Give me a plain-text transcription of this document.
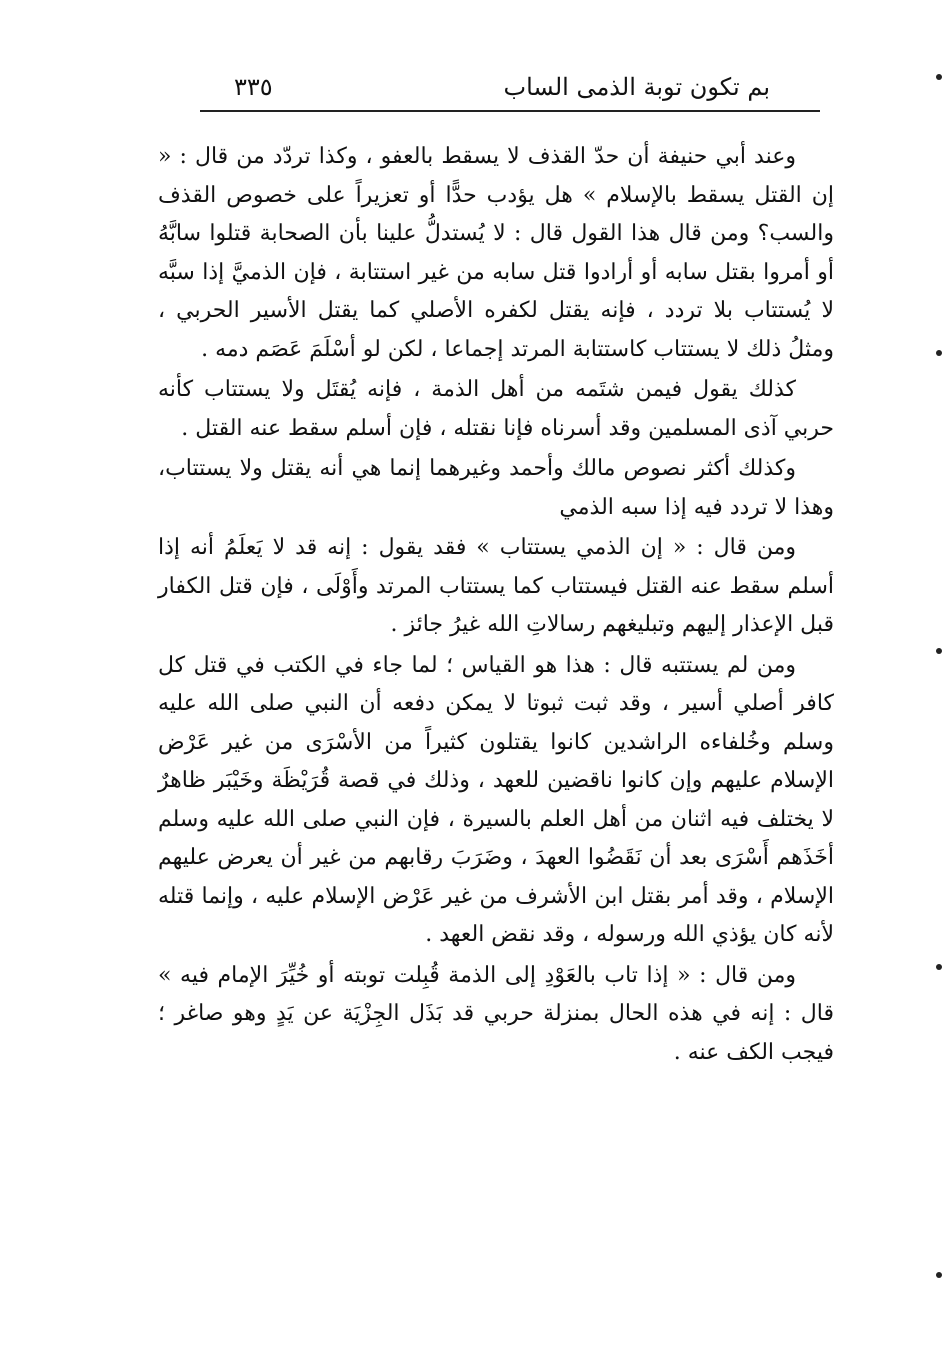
بم تكون توبة الذمى الساب
٣٣٥

وعند أبي حنيفة أن حدّ القذف لا يسقط بالعفو ، وكذا تردّد من قال : « إن القتل يسقط بالإسلام » هل يؤدب حدًّا أو تعزيراً على خصوص القذف والسب؟ ومن قال هذا القول قال : لا يُستدلُّ علينا بأن الصحابة قتلوا سابَّهُ أو أمروا بقتل سابه أو أرادوا قتل سابه من غير استتابة ، فإن الذميَّ إذا سبَّه لا يُستتاب بلا تردد ، فإنه يقتل لكفره الأصلي كما يقتل الأسير الحربي ، ومثلُ ذلك لا يستتاب كاستتابة المرتد إجماعا ، لكن لو أسْلَمَ عَصَم دمه .

كذلك يقول فيمن شتَمه من أهل الذمة ، فإنه يُقتَل ولا يستتاب كأنه حربي آذى المسلمين وقد أسرناه فإنا نقتله ، فإن أسلم سقط عنه القتل .

وكذلك أكثر نصوص مالك وأحمد وغيرهما إنما هي أنه يقتل ولا يستتاب، وهذا لا تردد فيه إذا سبه الذمي

ومن قال : « إن الذمي يستتاب » فقد يقول : إنه قد لا يَعلَمُ أنه إذا أسلم سقط عنه القتل فيستتاب كما يستتاب المرتد وأَوْلَى ، فإن قتل الكفار قبل الإعذار إليهم وتبليغهم رسالاتِ الله غيرُ جائز .

ومن لم يستتبه قال : هذا هو القياس ؛ لما جاء في الكتب في قتل كل كافر أصلي أسير ، وقد ثبت ثبوتا لا يمكن دفعه أن النبي صلى الله عليه وسلم وخُلفاءه الراشدين كانوا يقتلون كثيراً من الأسْرَى من غير عَرْض الإسلام عليهم وإن كانوا ناقضين للعهد ، وذلك في قصة قُرَيْظَة وخَيْبَر ظاهرٌ لا يختلف فيه اثنان من أهل العلم بالسيرة ، فإن النبي صلى الله عليه وسلم أخَذَهم أَسْرَى بعد أن نَقَضُوا العهدَ ، وضَرَبَ رقابهم من غير أن يعرض عليهم الإسلام ، وقد أمر بقتل ابن الأشرف من غير عَرْض الإسلام عليه ، وإنما قتله لأنه كان يؤذي الله ورسوله ، وقد نقض العهد .

ومن قال : « إذا تاب بالعَوْدِ إلى الذمة قُبِلت توبته أو خُيِّرَ الإمام فيه » قال : إنه في هذه الحال بمنزلة حربي قد بَذَل الجِزْيَة عن يَدٍ وهو صاغر ؛ فيجب الكف عنه .
